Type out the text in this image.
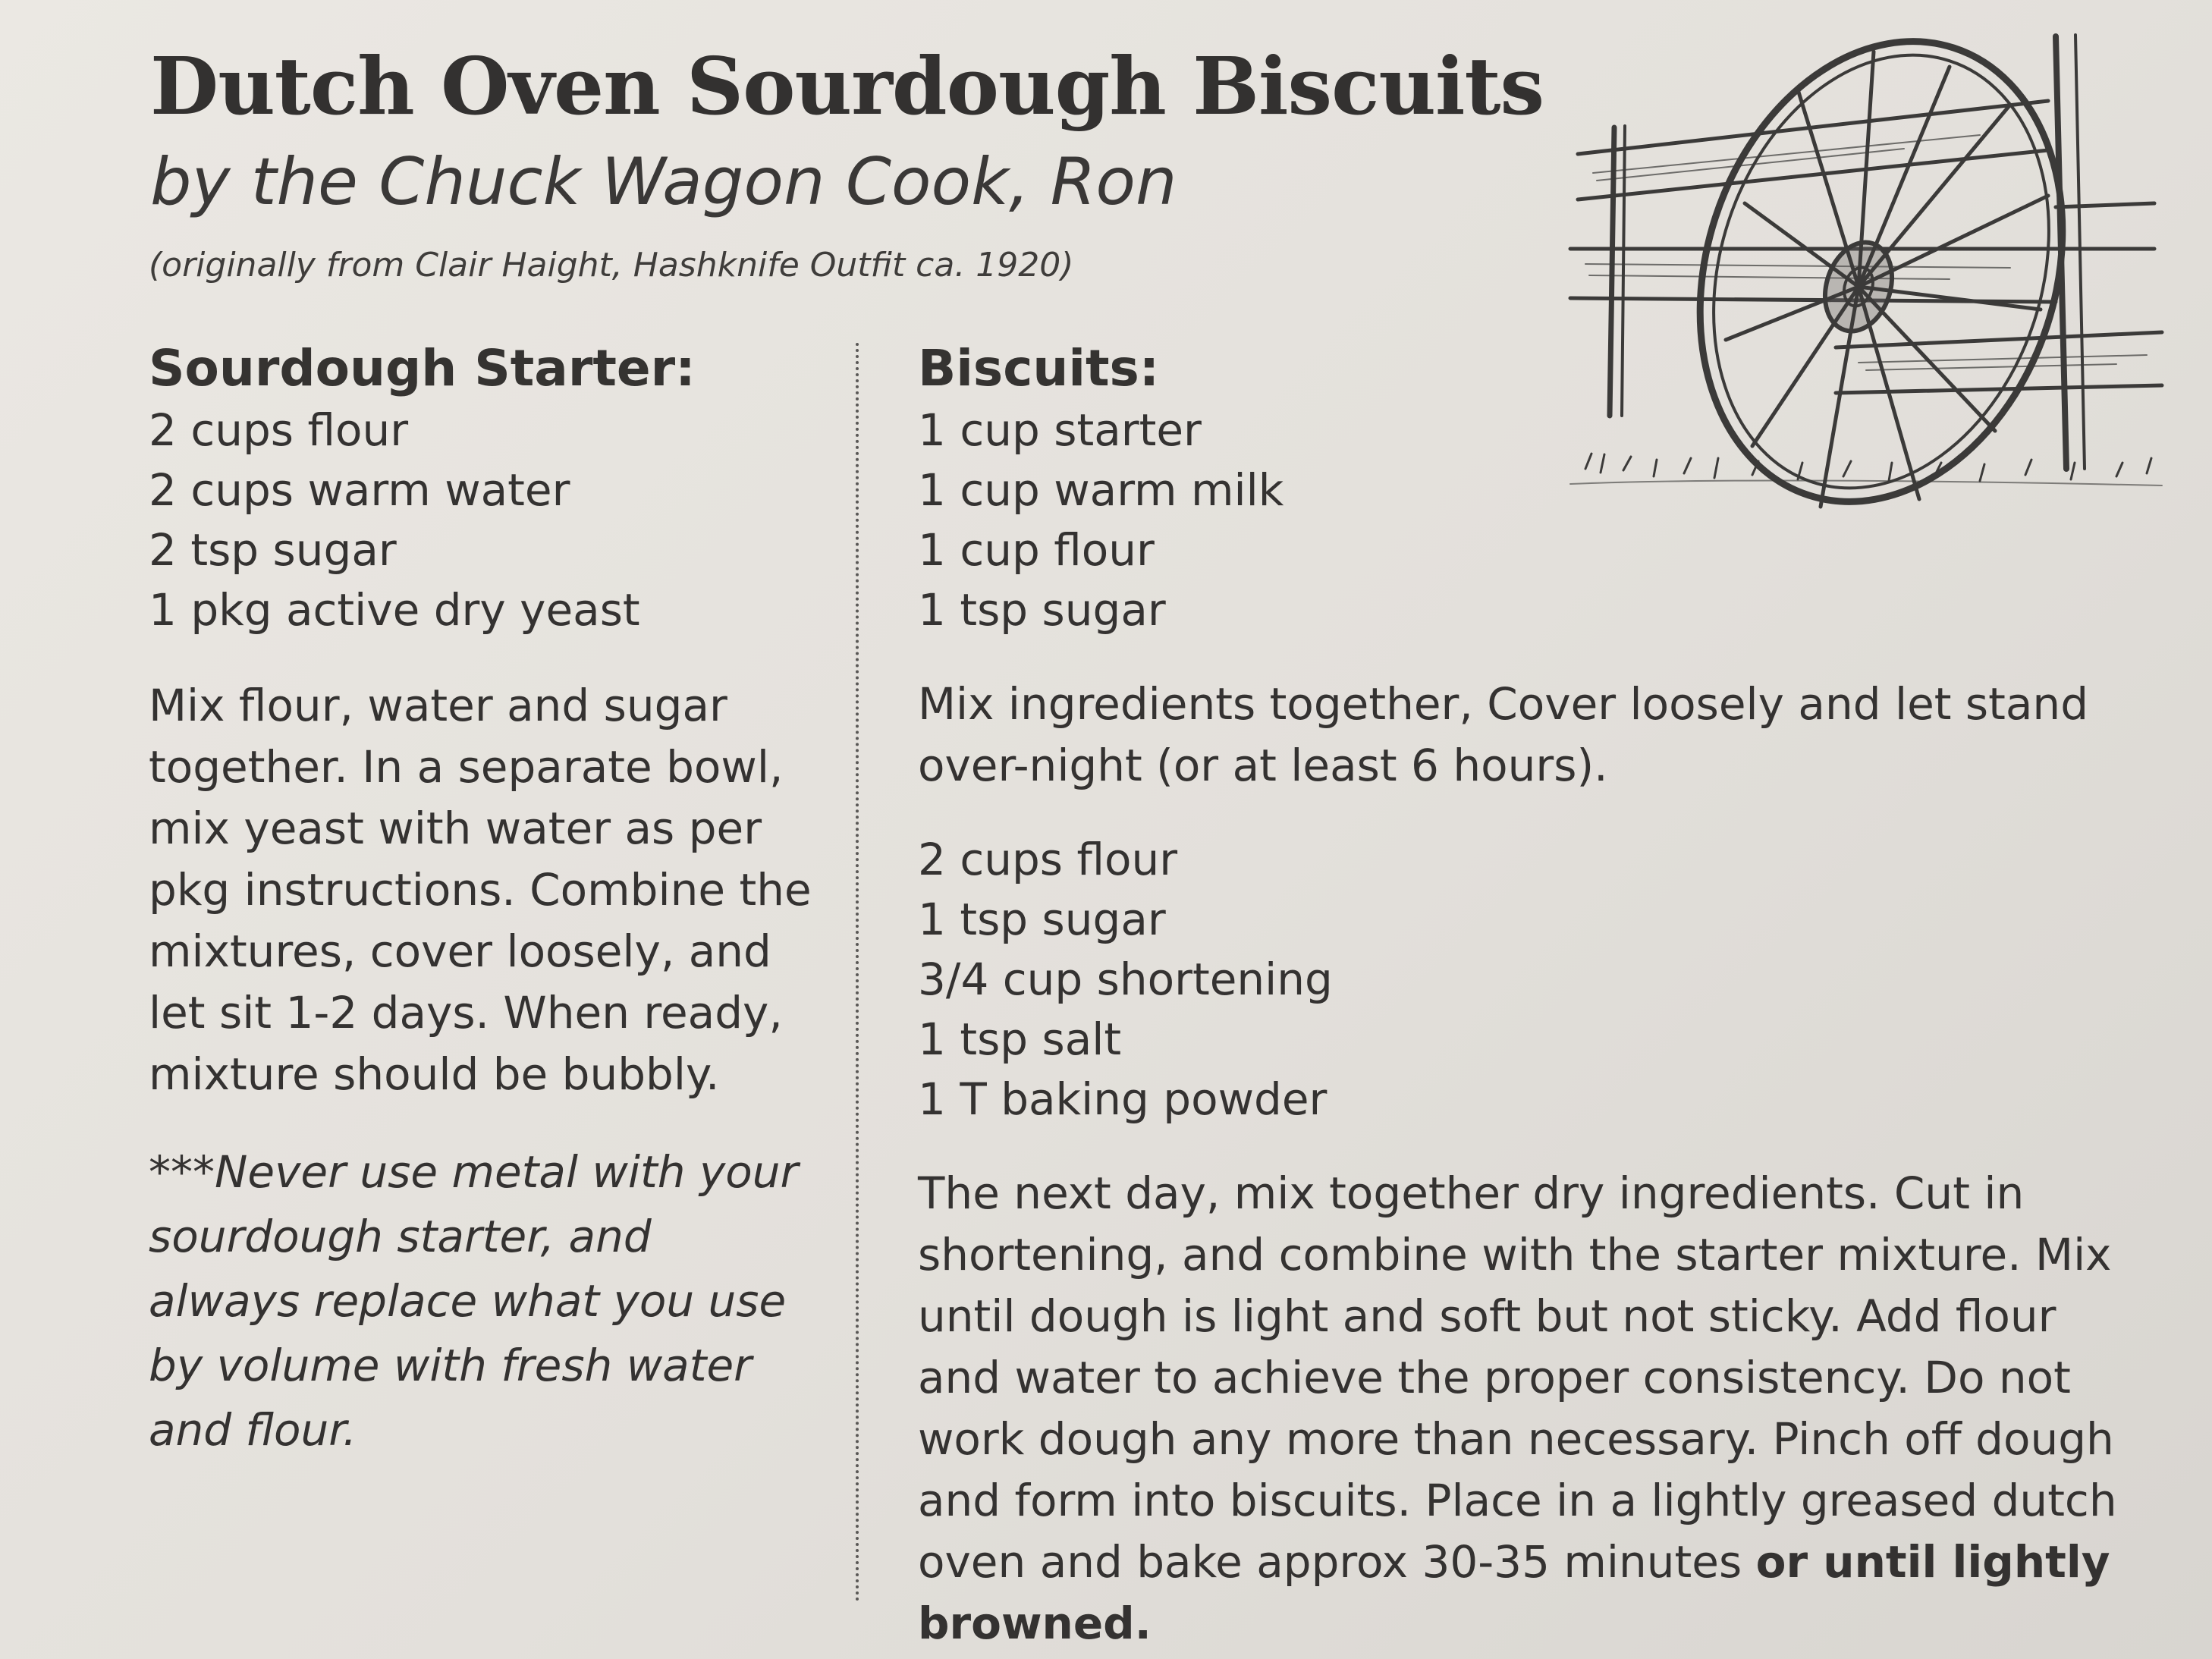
Dutch Oven Sourdough Biscuits
by the Chuck Wagon Cook, Ron
(originally from Clair Haight, Hashknife Outfit ca. 1920)
Sourdough Starter:
2 cups flour
2 cups warm water
2 tsp sugar
1 pkg active dry yeast
Mix flour, water and sugar together. In a separate bowl, mix yeast with water as per pkg instructions. Combine the mixtures, cover loosely, and let sit 1-2 days. When ready, mixture should be bubbly.
***Never use metal with your sourdough starter, and always replace what you use by volume with fresh water and flour.
Biscuits:
1 cup starter
1 cup warm milk
1 cup flour
1 tsp sugar
Mix ingredients together, Cover loosely and let stand over-night (or at least 6 hours).
2 cups flour
1 tsp sugar
3/4 cup shortening
1 tsp salt
1 T baking powder
The next day, mix together dry ingredients. Cut in shortening, and combine with the starter mixture. Mix until dough is light and soft but not sticky. Add flour and water to achieve the proper consistency. Do not work dough any more than necessary. Pinch off dough and form into biscuits. Place in a lightly greased dutch oven and bake approx 30-35 minutes or until lightly browned.
